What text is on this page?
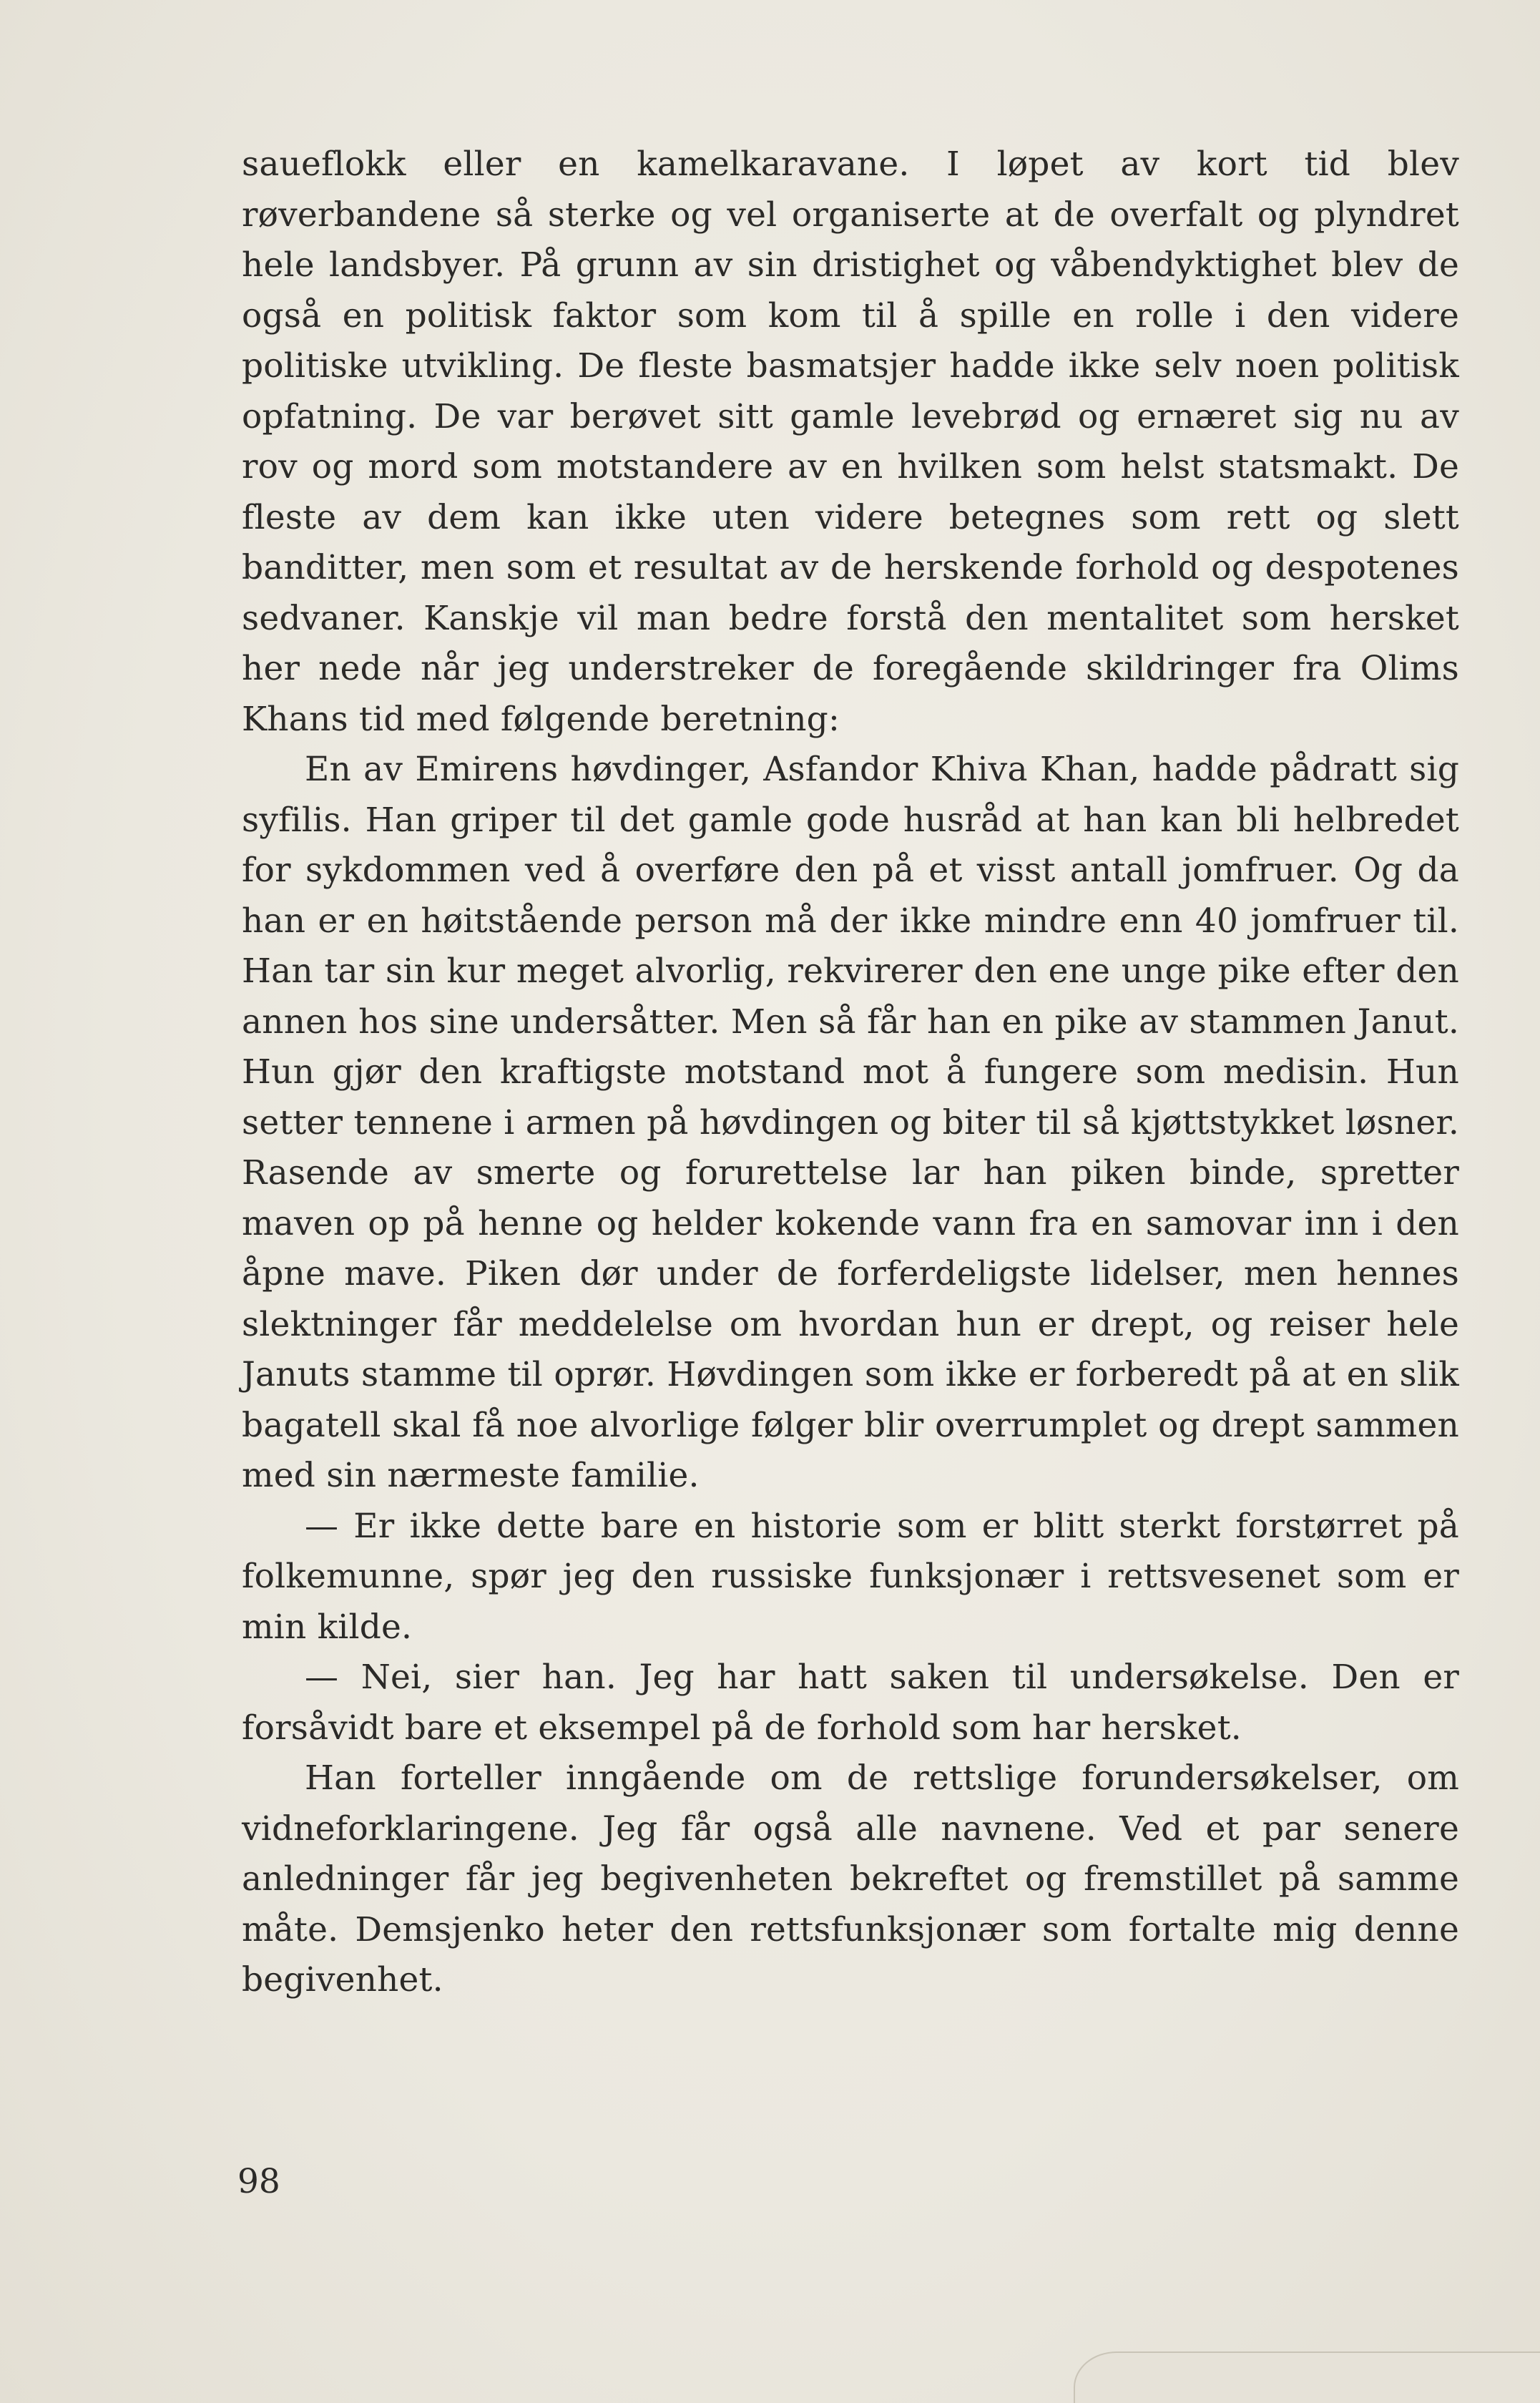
saueflokk eller en kamelkaravane. I løpet av kort tid blev røverbandene så sterke og vel organiserte at de overfalt og plyndret hele landsbyer. På grunn av sin dristighet og våbendyktighet blev de også en politisk faktor som kom til å spille en rolle i den videre politiske utvikling. De fleste basmatsjer hadde ikke selv noen politisk opfatning. De var berøvet sitt gamle levebrød og ernæret sig nu av rov og mord som motstandere av en hvilken som helst statsmakt. De fleste av dem kan ikke uten videre betegnes som rett og slett banditter, men som et resultat av de herskende forhold og despotenes sedvaner. Kanskje vil man bedre forstå den mentalitet som hersket her nede når jeg understreker de foregående skildringer fra Olims Khans tid med følgende beretning:

En av Emirens høvdinger, Asfandor Khiva Khan, hadde pådratt sig syfilis. Han griper til det gamle gode husråd at han kan bli helbredet for sykdommen ved å overføre den på et visst antall jomfruer. Og da han er en høitstående person må der ikke mindre enn 40 jomfruer til. Han tar sin kur meget alvorlig, rekvirerer den ene unge pike efter den annen hos sine undersåtter. Men så får han en pike av stammen Janut. Hun gjør den kraftigste motstand mot å fungere som medisin. Hun setter tennene i armen på høvdingen og biter til så kjøttstykket løsner. Rasende av smerte og forurettelse lar han piken binde, spretter maven op på henne og helder kokende vann fra en samovar inn i den åpne mave. Piken dør under de forferdeligste lidelser, men hennes slektninger får meddelelse om hvordan hun er drept, og reiser hele Januts stamme til oprør. Høvdingen som ikke er forberedt på at en slik bagatell skal få noe alvorlige følger blir overrumplet og drept sammen med sin nærmeste familie.

— Er ikke dette bare en historie som er blitt sterkt forstørret på folkemunne, spør jeg den russiske funksjonær i rettsvesenet som er min kilde.

— Nei, sier han. Jeg har hatt saken til undersøkelse. Den er forsåvidt bare et eksempel på de forhold som har hersket.

Han forteller inngående om de rettslige forundersøkelser, om vidneforklaringene. Jeg får også alle navnene. Ved et par senere anledninger får jeg begivenheten bekreftet og fremstillet på samme måte. Demsjenko heter den rettsfunksjonær som fortalte mig denne begivenhet.

98
